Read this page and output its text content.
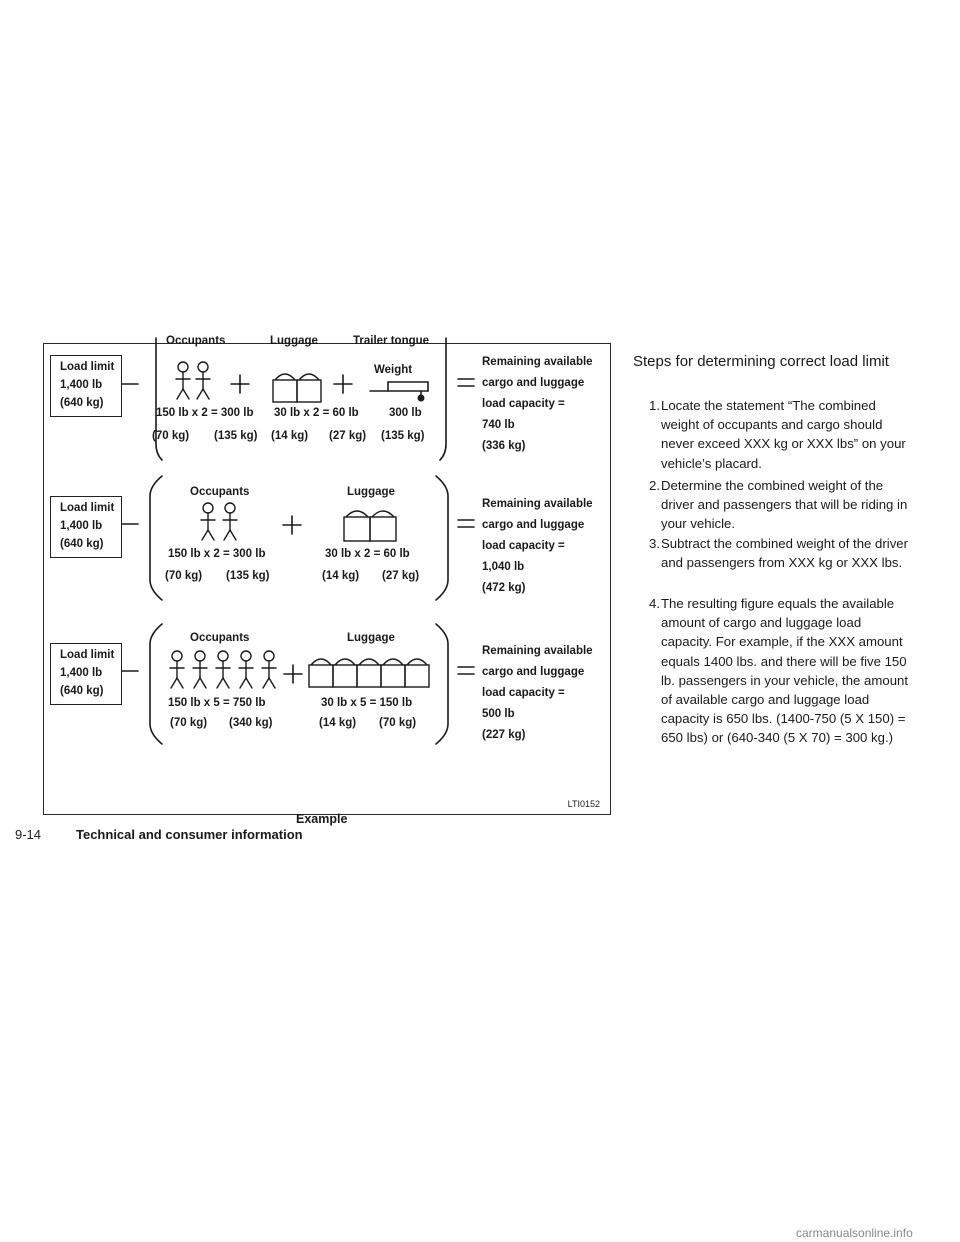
Load limit
1,400 lb
(640 kg)
Occupants	Luggage	Trailer tongue
Weight
150 lb x 2 = 300 lb
(70 kg) (135 kg)
30 lb x 2 = 60 lb
(14 kg) (27 kg)
300 lb
(135 kg)
Remaining available
cargo and luggage
load capacity =
740 lb
(336 kg)
Load limit
1,400 lb
(640 kg)
Occupants	Luggage
150 lb x 2 = 300 lb
(70 kg) (135 kg)
30 lb x 2 = 60 lb
(14 kg) (27 kg)
Remaining available
cargo and luggage
load capacity =
1,040 lb
(472 kg)
Load limit
1,400 lb
(640 kg)
Occupants	Luggage
150 lb x 5 = 750 lb
(70 kg) (340 kg)
30 lb x 5 = 150 lb
(14 kg) (70 kg)
Remaining available
cargo and luggage
load capacity =
500 lb
(227 kg)
LTI0152
Example
9-14	Technical and consumer information
Steps for determining correct load limit
1. Locate the statement “The combined weight of occupants and cargo should never exceed XXX kg or XXX lbs” on your vehicle’s placard.
2. Determine the combined weight of the driver and passengers that will be riding in your vehicle.
3. Subtract the combined weight of the driver and passengers from XXX kg or XXX lbs.
4. The resulting figure equals the available amount of cargo and luggage load capacity. For example, if the XXX amount equals 1400 lbs. and there will be five 150 lb. passengers in your vehicle, the amount of available cargo and luggage load capacity is 650 lbs. (1400-750 (5 X 150) = 650 lbs) or (640-340 (5 X 70) = 300 kg.)
carmanualsonline.info
